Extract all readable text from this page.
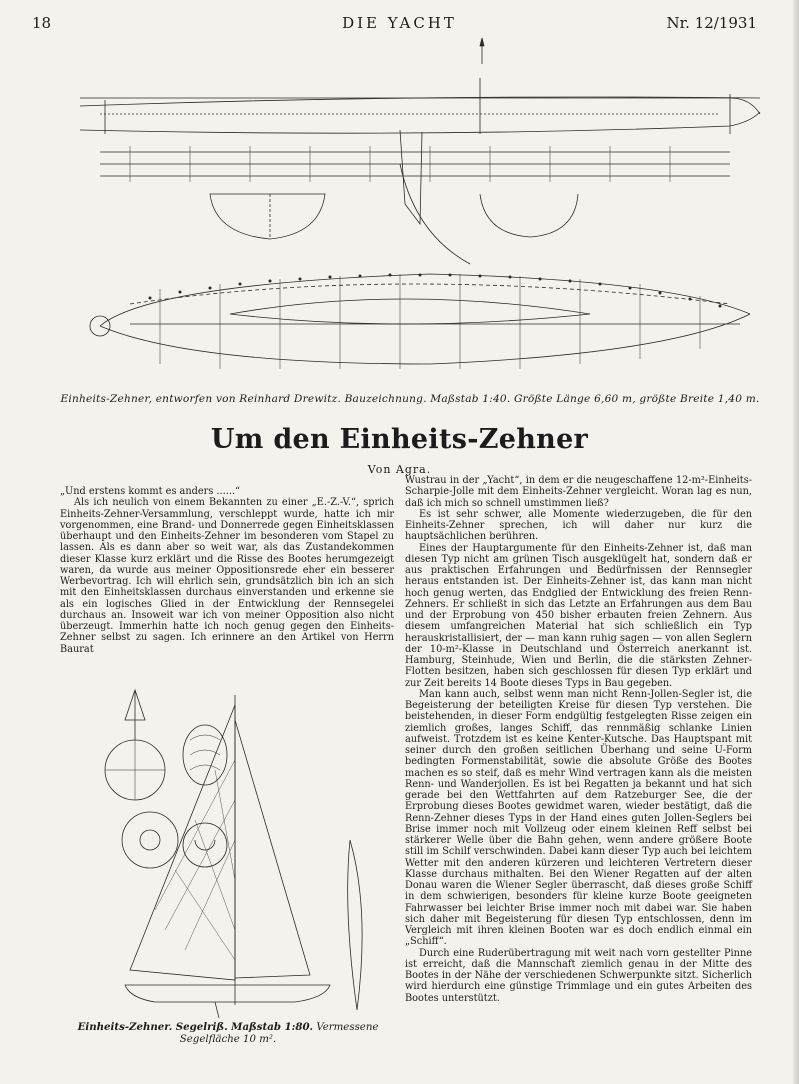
18	DIE YACHT	Nr. 12/1931
Einheits-Zehner, entworfen von Reinhard Drewitz. Bauzeichnung. Maßstab 1:40. Größte Länge 6,60 m, größte Breite 1,40 m.
Um den Einheits-Zehner
Von Agra.

„Und erstens kommt es anders ......“

Als ich neulich von einem Bekannten zu einer „E.-Z.-V.“, sprich Einheits-Zehner-Versammlung, verschleppt wurde, hatte ich mir vorgenommen, eine Brand- und Donnerrede gegen Einheitsklassen überhaupt und den Einheits-Zehner im besonderen vom Stapel zu lassen. Als es dann aber so weit war, als das Zustandekommen dieser Klasse kurz erklärt und die Risse des Bootes herumgezeigt waren, da wurde aus meiner Oppositionsrede eher ein besserer Werbevortrag. Ich will ehrlich sein, grundsätzlich bin ich an sich mit den Einheitsklassen durchaus einverstanden und erkenne sie als ein logisches Glied in der Entwicklung der Rennsegelei durchaus an. Insoweit war ich von meiner Opposition also nicht überzeugt. Immerhin hatte ich noch genug gegen den Einheits-Zehner selbst zu sagen. Ich erinnere an den Artikel von Herrn Baurat

Einheits-Zehner. Segelriß. Maßstab 1:80. Vermessene Segelfläche 10 m².

Wustrau in der „Yacht“, in dem er die neugeschaffene 12-m²-Einheits-Scharpie-Jolle mit dem Einheits-Zehner vergleicht. Woran lag es nun, daß ich mich so schnell umstimmen ließ?

Es ist sehr schwer, alle Momente wiederzugeben, die für den Einheits-Zehner sprechen, ich will daher nur kurz die hauptsächlichen berühren.

Eines der Hauptargumente für den Einheits-Zehner ist, daß man diesen Typ nicht am grünen Tisch ausgeklügelt hat, sondern daß er aus praktischen Erfahrungen und Bedürfnissen der Rennsegler heraus entstanden ist. Der Einheits-Zehner ist, das kann man nicht hoch genug werten, das Endglied der Entwicklung des freien Renn-Zehners. Er schließt in sich das Letzte an Erfahrungen aus dem Bau und der Erprobung von 450 bisher erbauten freien Zehnern. Aus diesem umfangreichen Material hat sich schließlich ein Typ herauskristallisiert, der — man kann ruhig sagen — von allen Seglern der 10-m²-Klasse in Deutschland und Österreich anerkannt ist. Hamburg, Steinhude, Wien und Berlin, die die stärksten Zehner-Flotten besitzen, haben sich geschlossen für diesen Typ erklärt und zur Zeit bereits 14 Boote dieses Typs in Bau gegeben.

Man kann auch, selbst wenn man nicht Renn-Jollen-Segler ist, die Begeisterung der beteiligten Kreise für diesen Typ verstehen. Die beistehenden, in dieser Form endgültig festgelegten Risse zeigen ein ziemlich großes, langes Schiff, das rennmäßig schlanke Linien aufweist. Trotzdem ist es keine Kenter-Kutsche. Das Hauptspant mit seiner durch den großen seitlichen Überhang und seine U-Form bedingten Formenstabilität, sowie die absolute Größe des Bootes machen es so steif, daß es mehr Wind vertragen kann als die meisten Renn- und Wanderjollen. Es ist bei Regatten ja bekannt und hat sich gerade bei den Wettfahrten auf dem Ratzeburger See, die der Erprobung dieses Bootes gewidmet waren, wieder bestätigt, daß die Renn-Zehner dieses Typs in der Hand eines guten Jollen-Seglers bei Brise immer noch mit Vollzeug oder einem kleinen Reff selbst bei stärkerer Welle über die Bahn gehen, wenn andere größere Boote still im Schilf verschwinden. Dabei kann dieser Typ auch bei leichtem Wetter mit den anderen kürzeren und leichteren Vertretern dieser Klasse durchaus mithalten. Bei den Wiener Regatten auf der alten Donau waren die Wiener Segler überrascht, daß dieses große Schiff in dem schwierigen, besonders für kleine kurze Boote geeigneten Fahrwasser bei leichter Brise immer noch mit dabei war. Sie haben sich daher mit Begeisterung für diesen Typ entschlossen, denn im Vergleich mit ihren kleinen Booten war es doch endlich einmal ein „Schiff“.

Durch eine Ruderübertragung mit weit nach vorn gestellter Pinne ist erreicht, daß die Mannschaft ziemlich genau in der Mitte des Bootes in der Nähe der verschiedenen Schwerpunkte sitzt. Sicherlich wird hierdurch eine günstige Trimmlage und ein gutes Arbeiten des Bootes unterstützt.
